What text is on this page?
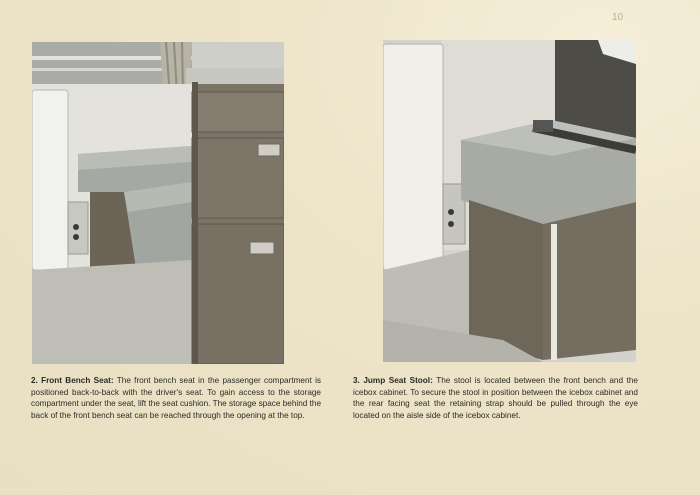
10
2. Front Bench Seat: The front bench seat in the passenger compartment is positioned back-to-back with the driver's seat. To gain access to the storage compartment under the seat, lift the seat cushion. The storage space behind the back of the front bench seat can be reached through the opening at the top.
3. Jump Seat Stool: The stool is located between the front bench and the icebox cabinet. To secure the stool in position between the icebox cabinet and the rear facing seat the retaining strap should be pulled through the eye located on the aisle side of the icebox cabinet.
